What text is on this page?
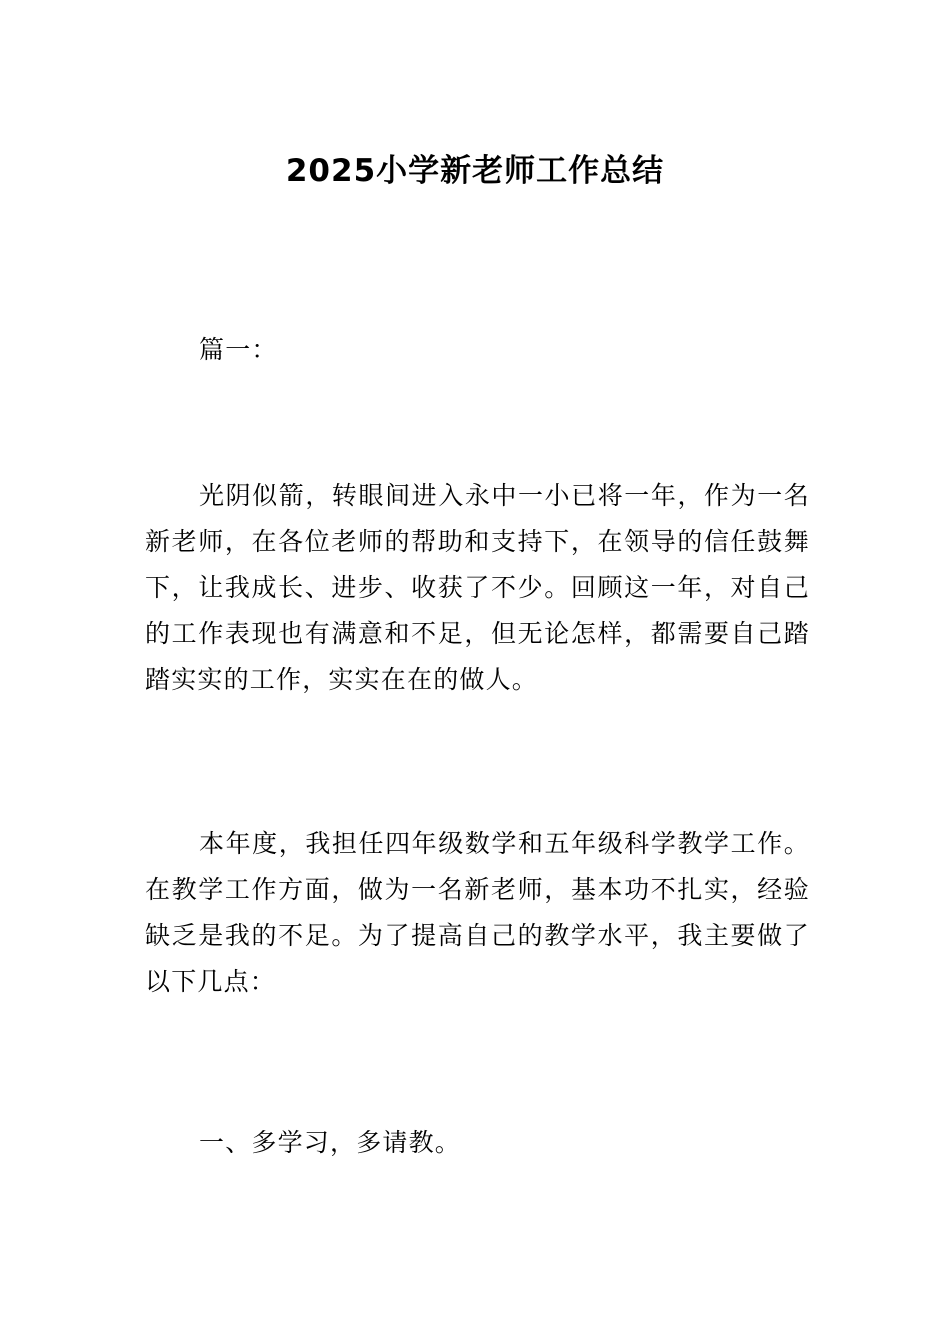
2025小学新老师工作总结

篇一：

光阴似箭，转眼间进入永中一小已将一年，作为一名新老师，在各位老师的帮助和支持下，在领导的信任鼓舞下，让我成长、进步、收获了不少。回顾这一年，对自己的工作表现也有满意和不足，但无论怎样，都需要自己踏踏实实的工作，实实在在的做人。

本年度，我担任四年级数学和五年级科学教学工作。在教学工作方面，做为一名新老师，基本功不扎实，经验缺乏是我的不足。为了提高自己的教学水平，我主要做了以下几点：

一、多学习，多请教。
